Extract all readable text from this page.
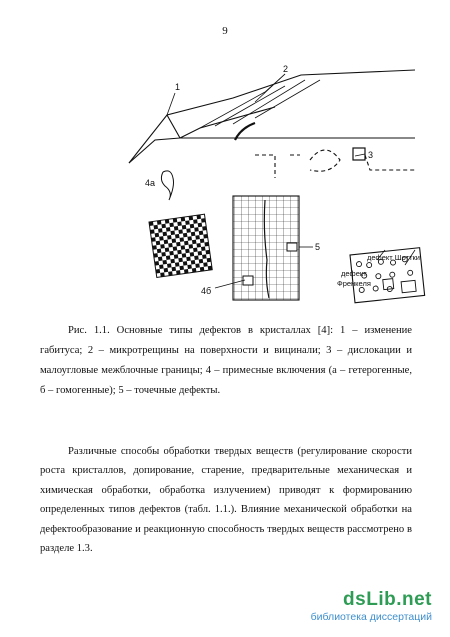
9
1
2
3
4а
4б
5
дефект Шоттки
дефект
Френкеля
Рис. 1.1. Основные типы дефектов в кристаллах [4]: 1 – изменение габитуса; 2 – микротрещины на поверхности и вицинали; 3 – дислокации и малоугловые межблочные границы; 4 – примесные включения (а – гетерогенные, б – гомогенные); 5 – точечные дефекты.
Различные способы обработки твердых веществ (регулирование скорости роста кристаллов, допирование, старение, предварительные механическая и химическая обработки, обработка излучением) приводят к формированию определенных типов дефектов (табл. 1.1.). Влияние механической обработки на дефектообразование и реакционную способность твердых веществ рассмотрено в разделе 1.3.
dsLib.net
библиотека диссертаций
